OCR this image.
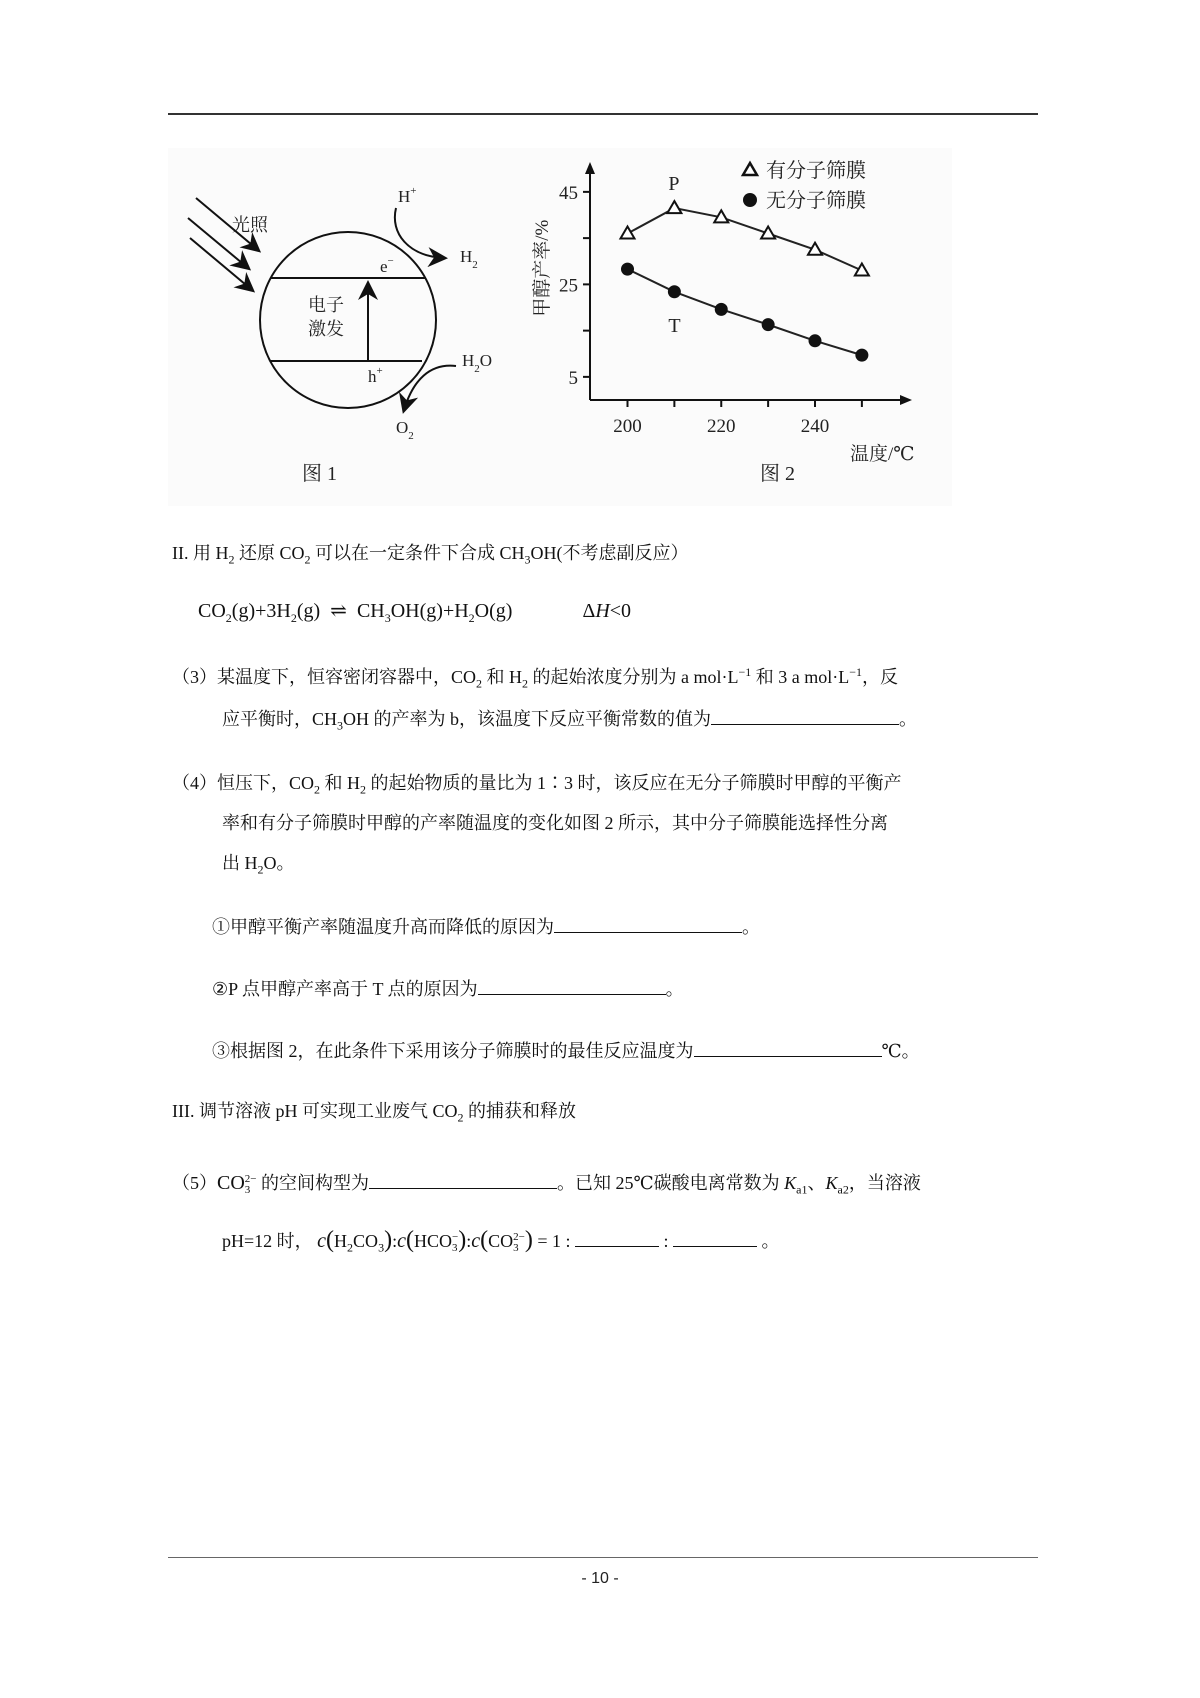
光照
电子
激发
e−
h+
H+
$H_2$
$H_2O$
$O_2$
图 1
45
25
5
200	220	240
温度/℃
甲醇产率/%
P
T
有分子筛膜
无分子筛膜
图 2
II. 用 $H_2$ 还原 $CO_2$ 可以在一定条件下合成 $CH_3OH$(不考虑副反应）
$CO_2(g)+3H_2(g)$ ⇌ $CH_3OH(g)+H_2O(g)$	ΔH<0
（3）某温度下，恒容密闭容器中，$CO_2$ 和 $H_2$ 的起始浓度分别为 a $mol\cdot L^{-1}$ 和 3 a $mol\cdot L^{-1}$，反
应平衡时，$CH_3OH$ 的产率为 b，该温度下反应平衡常数的值为	。
（4）恒压下，$CO_2$ 和 $H_2$ 的起始物质的量比为 1∶3 时，该反应在无分子筛膜时甲醇的平衡产
率和有分子筛膜时甲醇的产率随温度的变化如图 2 所示，其中分子筛膜能选择性分离
出 $H_2O$。
①甲醇平衡产率随温度升高而降低的原因为	。
②P 点甲醇产率高于 T 点的原因为	。
③根据图 2，在此条件下采用该分子筛膜时的最佳反应温度为	℃。
III. 调节溶液 pH 可实现工业废气 $CO_2$ 的捕获和释放
（5）CO 2−
3 的空间构型为	。已知 25℃碳酸电离常数为 $K_{a1}$、$K_{a2}$，当溶液
pH=12 时， $c(H_2CO_3):c(HCO$ −
3 ):c(CO 2−
3 ) = 1 :	:	。
- 10 -
